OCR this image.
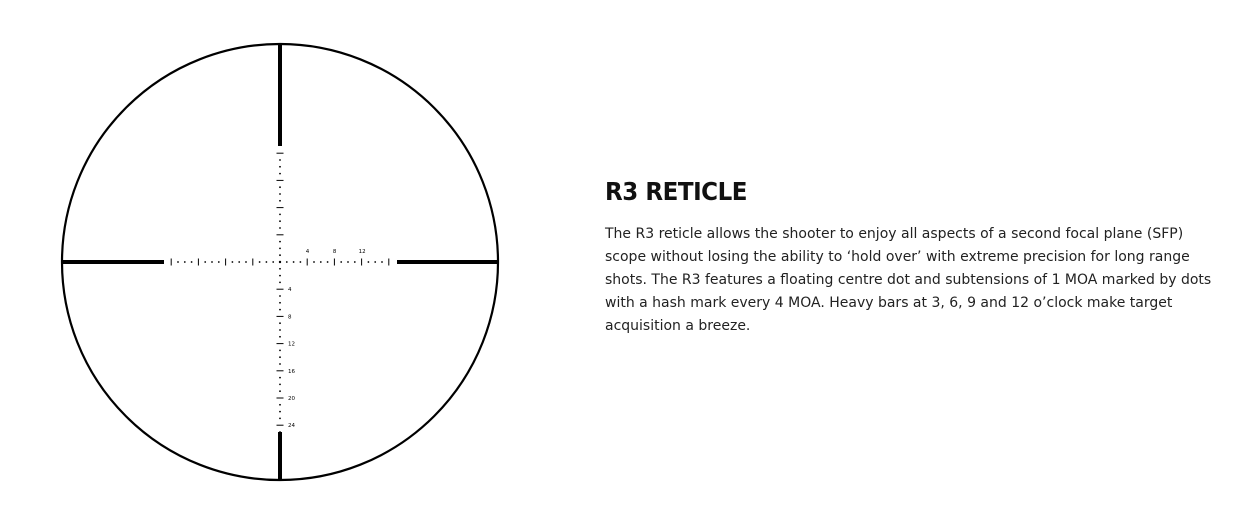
4	8	12
4
8
12
16
20
24
R3 RETICLE

The R3 reticle allows the shooter to enjoy all aspects of a second focal plane (SFP) scope without losing the ability to ‘hold over’ with extreme precision for long range shots. The R3 features a floating centre dot and subtensions of 1 MOA marked by dots with a hash mark every 4 MOA. Heavy bars at 3, 6, 9 and 12 o’clock make target acquisition a breeze.
